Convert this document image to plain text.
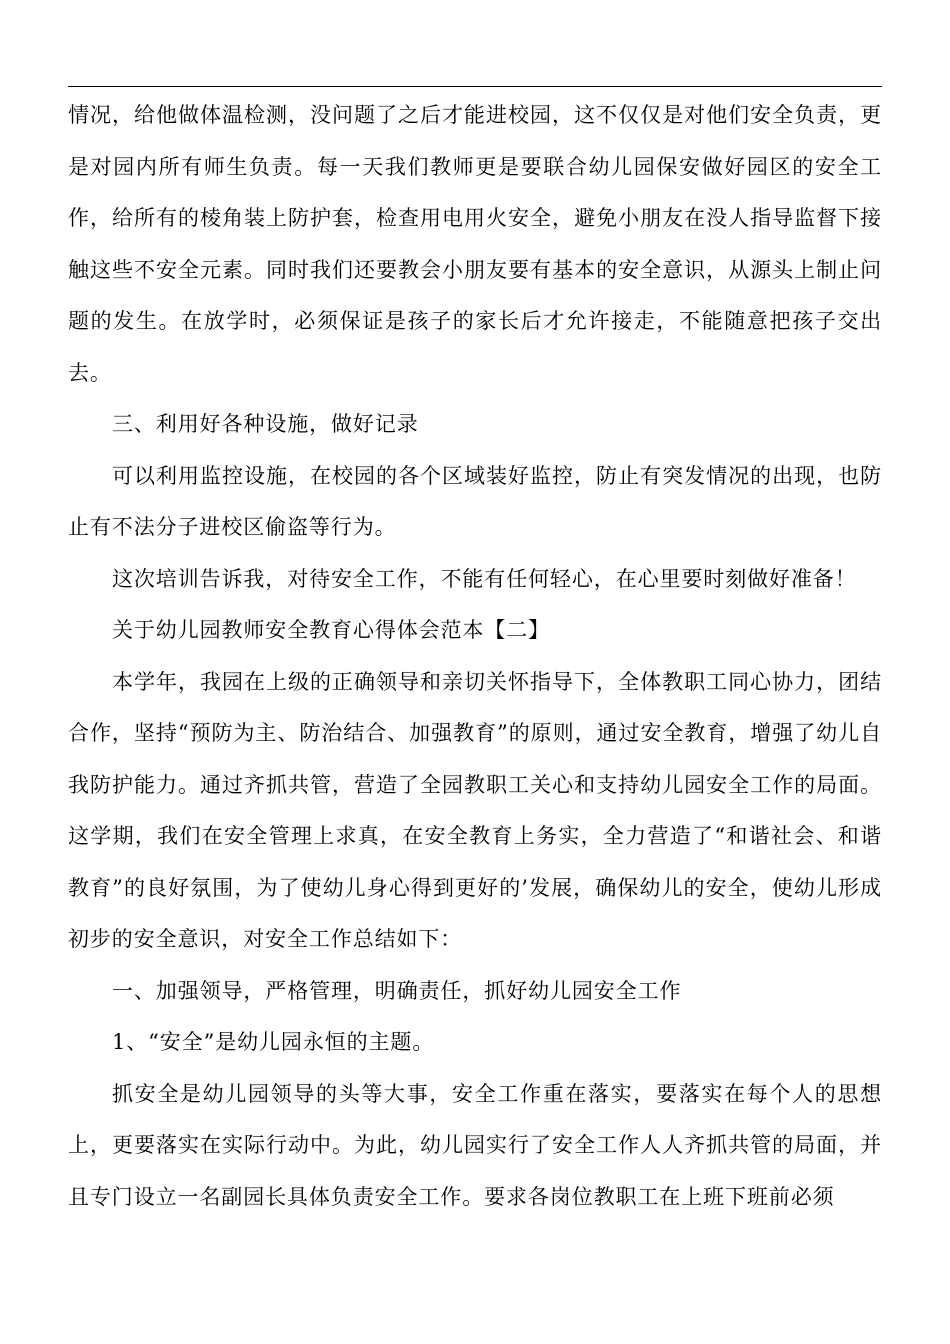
情况，给他做体温检测，没问题了之后才能进校园，这不仅仅是对他们安全负责，更是对园内所有师生负责。每一天我们教师更是要联合幼儿园保安做好园区的安全工作，给所有的棱角装上防护套，检查用电用火安全，避免小朋友在没人指导监督下接触这些不安全元素。同时我们还要教会小朋友要有基本的安全意识，从源头上制止问题的发生。在放学时，必须保证是孩子的家长后才允许接走，不能随意把孩子交出去。

三、利用好各种设施，做好记录

可以利用监控设施，在校园的各个区域装好监控，防止有突发情况的出现，也防止有不法分子进校区偷盗等行为。

这次培训告诉我，对待安全工作，不能有任何轻心，在心里要时刻做好准备！

关于幼儿园教师安全教育心得体会范本【二】

本学年，我园在上级的正确领导和亲切关怀指导下，全体教职工同心协力，团结合作，坚持“预防为主、防治结合、加强教育”的原则，通过安全教育，增强了幼儿自我防护能力。通过齐抓共管，营造了全园教职工关心和支持幼儿园安全工作的局面。这学期，我们在安全管理上求真，在安全教育上务实，全力营造了“和谐社会、和谐教育”的良好氛围，为了使幼儿身心得到更好的’发展，确保幼儿的安全，使幼儿形成初步的安全意识，对安全工作总结如下：

一、加强领导，严格管理，明确责任，抓好幼儿园安全工作

1、“安全”是幼儿园永恒的主题。

抓安全是幼儿园领导的头等大事，安全工作重在落实，要落实在每个人的思想上，更要落实在实际行动中。为此，幼儿园实行了安全工作人人齐抓共管的局面，并且专门设立一名副园长具体负责安全工作。要求各岗位教职工在上班下班前必须
